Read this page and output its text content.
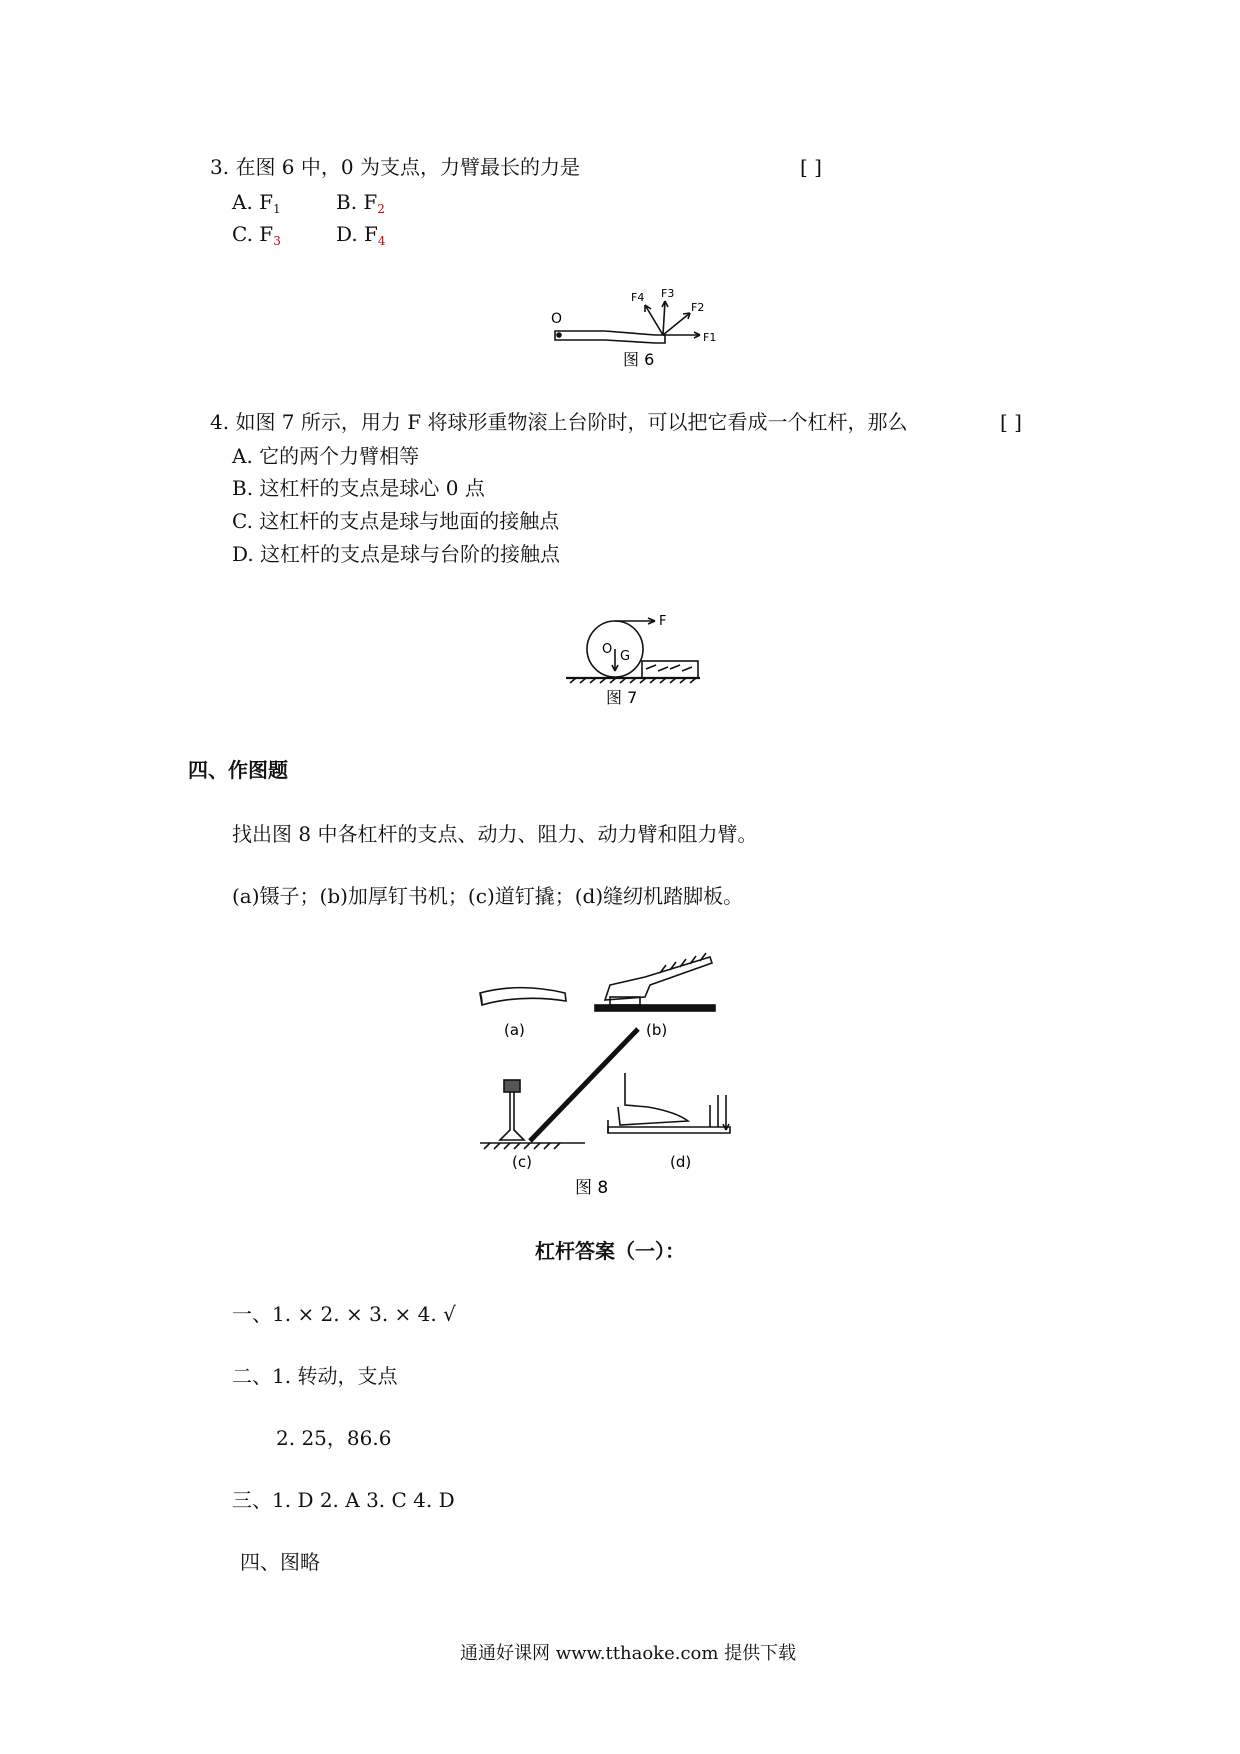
3. 在图 6 中，0 为支点，力臂最长的力是	[ ]
A. $F_1$	B. $F_2$
C. $F_3$	D. $F_4$
O
F4 F3
F2
F1
图 6
4. 如图 7 所示，用力 F 将球形重物滚上台阶时，可以把它看成一个杠杆，那么	[ ]
A. 它的两个力臂相等
B. 这杠杆的支点是球心 0 点
C. 这杠杆的支点是球与地面的接触点
D. 这杠杆的支点是球与台阶的接触点
F
O G
图 7
四、作图题
找出图 8 中各杠杆的支点、动力、阻力、动力臂和阻力臂。
(a)镊子；(b)加厚钉书机；(c)道钉撬；(d)缝纫机踏脚板。
(a)	(b)
(c)	(d)
图 8
杠杆答案（一）：
一、1. × 2. × 3. × 4. √
二、1. 转动，支点
2. 25，86.6
三、1. D 2. A 3. C 4. D
四、图略
通通好课网 www.tthaoke.com 提供下载
